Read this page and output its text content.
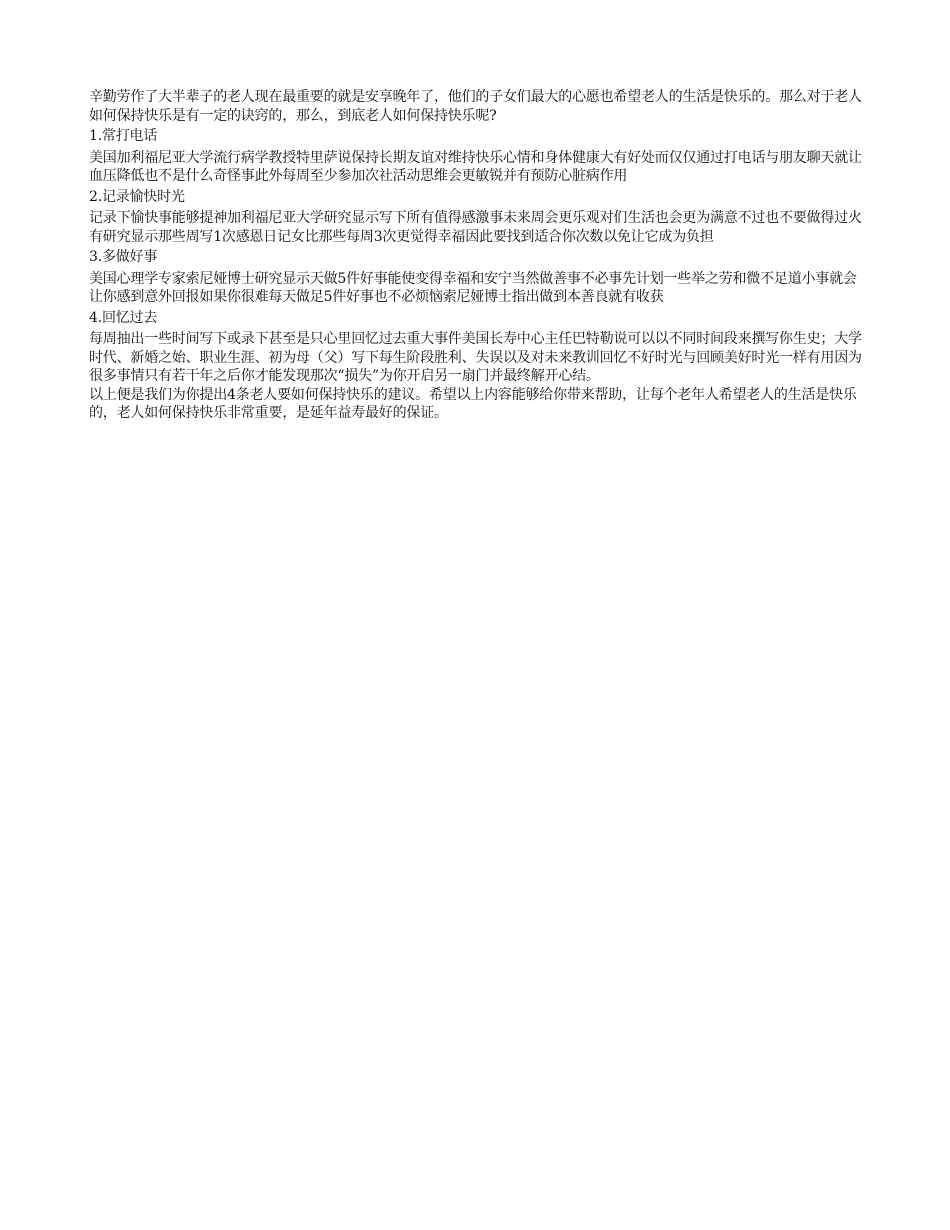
辛勤劳作了大半辈子的老人现在最重要的就是安享晚年了，他们的子女们最大的心愿也希望老人的生活是快乐的。那么对于老人如何保持快乐是有一定的诀窍的，那么，到底老人如何保持快乐呢?

1.常打电话

美国加利福尼亚大学流行病学教授特里萨说保持长期友谊对维持快乐心情和身体健康大有好处而仅仅通过打电话与朋友聊天就让血压降低也不是什么奇怪事此外每周至少参加次社活动思维会更敏锐并有预防心脏病作用

2.记录愉快时光

记录下愉快事能够提神加利福尼亚大学研究显示写下所有值得感激事未来周会更乐观对们生活也会更为满意不过也不要做得过火有研究显示那些周写1次感恩日记女比那些每周3次更觉得幸福因此要找到适合你次数以免让它成为负担

3.多做好事

美国心理学专家索尼娅博士研究显示天做5件好事能使变得幸福和安宁当然做善事不必事先计划一些举之劳和微不足道小事就会让你感到意外回报如果你很难每天做足5件好事也不必烦恼索尼娅博士指出做到本善良就有收获

4.回忆过去

每周抽出一些时间写下或录下甚至是只心里回忆过去重大事件美国长寿中心主任巴特勒说可以以不同时间段来撰写你生史；大学时代、新婚之始、职业生涯、初为母（父）写下每生阶段胜利、失误以及对未来教训回忆不好时光与回顾美好时光一样有用因为很多事情只有若干年之后你才能发现那次“损失”为你开启另一扇门并最终解开心结。

以上便是我们为你提出4条老人要如何保持快乐的建议。希望以上内容能够给你带来帮助，让每个老年人希望老人的生活是快乐的，老人如何保持快乐非常重要，是延年益寿最好的保证。
